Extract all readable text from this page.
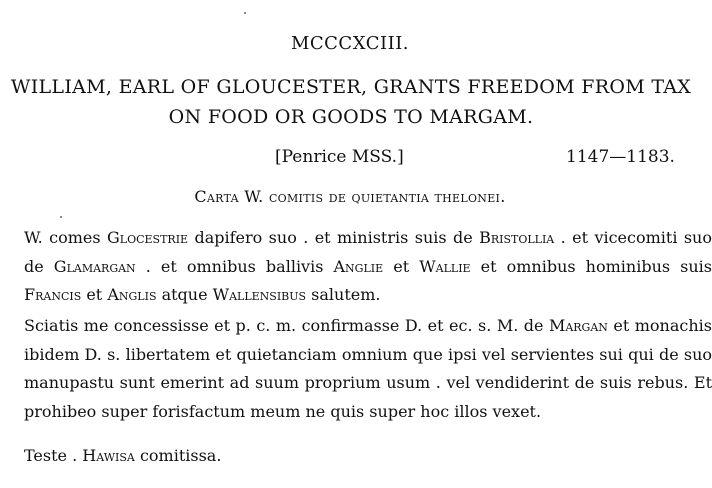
MCCCXCIII.
WILLIAM, EARL OF GLOUCESTER, GRANTS FREEDOM FROM TAX ON FOOD OR GOODS TO MARGAM.
[Penrice MSS.]	1147—1183.
Carta W. comitis de quietantia thelonei.

W. comes Glocestrie dapifero suo . et ministris suis de Bristollia . et vicecomiti suo de Glamargan . et omnibus ballivis Anglie et Wallie et omnibus hominibus suis Francis et Anglis atque Wallensibus salutem.

Sciatis me concessisse et p. c. m. confirmasse D. et ec. s. M. de Margan et monachis ibidem D. s. libertatem et quietanciam omnium que ipsi vel servientes sui qui de suo manupastu sunt emerint ad suum proprium usum . vel vendiderint de suis rebus. Et prohibeo super forisfactum meum ne quis super hoc illos vexet.

Teste . Hawisa comitissa.
